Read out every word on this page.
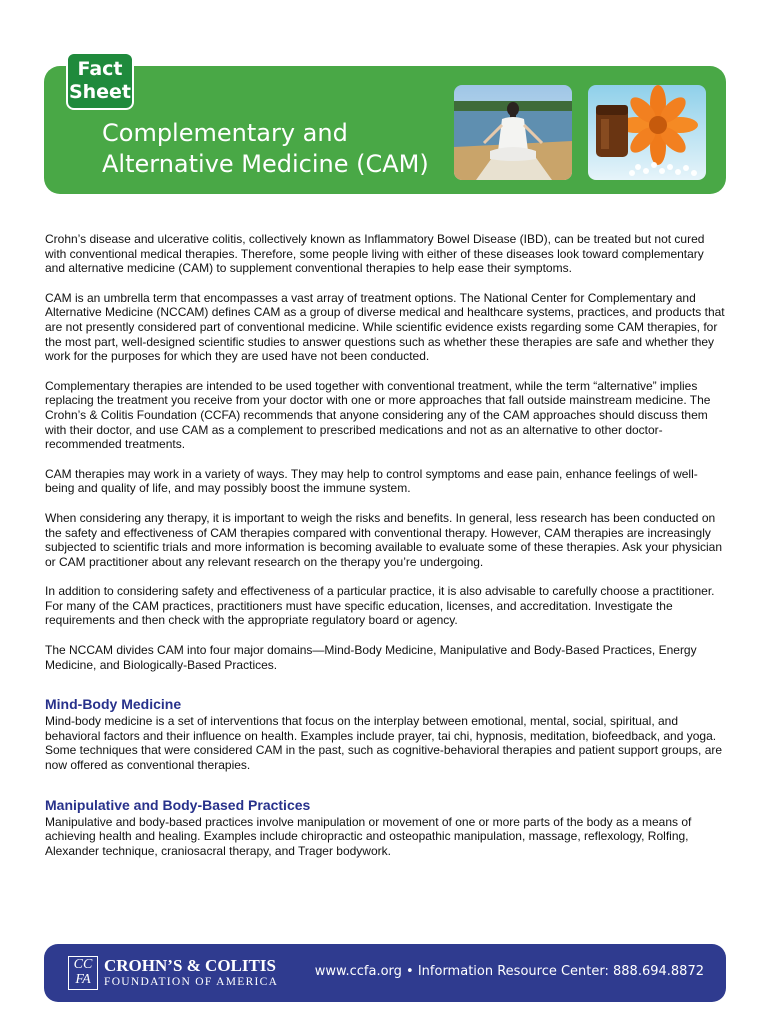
Fact
Sheet
Complementary and
Alternative Medicine (CAM)

Crohn’s disease and ulcerative colitis, collectively known as Inflammatory Bowel Disease (IBD), can be treated but not cured with conventional medical therapies. Therefore, some people living with either of these diseases look toward complementary and alternative medicine (CAM) to supplement conventional therapies to help ease their symptoms.

CAM is an umbrella term that encompasses a vast array of treatment options. The National Center for Complementary and Alternative Medicine (NCCAM) defines CAM as a group of diverse medical and healthcare systems, practices, and products that are not presently considered part of conventional medicine. While scientific evidence exists regarding some CAM therapies, for the most part, well-designed scientific studies to answer questions such as whether these therapies are safe and whether they work for the purposes for which they are used have not been conducted.

Complementary therapies are intended to be used together with conventional treatment, while the term “alternative” implies replacing the treatment you receive from your doctor with one or more approaches that fall outside mainstream medicine. The Crohn’s & Colitis Foundation (CCFA) recommends that anyone considering any of the CAM approaches should discuss them with their doctor, and use CAM as a complement to prescribed medications and not as an alternative to other doctor-recommended treatments.

CAM therapies may work in a variety of ways. They may help to control symptoms and ease pain, enhance feelings of well-being and quality of life, and may possibly boost the immune system.

When considering any therapy, it is important to weigh the risks and benefits. In general, less research has been conducted on the safety and effectiveness of CAM therapies compared with conventional therapy. However, CAM therapies are increasingly subjected to scientific trials and more information is becoming available to evaluate some of these therapies. Ask your physician or CAM practitioner about any relevant research on the therapy you’re undergoing.

In addition to considering safety and effectiveness of a particular practice, it is also advisable to carefully choose a practitioner. For many of the CAM practices, practitioners must have specific education, licenses, and accreditation. Investigate the requirements and then check with the appropriate regulatory board or agency.

The NCCAM divides CAM into four major domains—Mind-Body Medicine, Manipulative and Body-Based Practices, Energy Medicine, and Biologically-Based Practices.

Mind-Body Medicine

Mind-body medicine is a set of interventions that focus on the interplay between emotional, mental, social, spiritual, and behavioral factors and their influence on health. Examples include prayer, tai chi, hypnosis, meditation, biofeedback, and yoga. Some techniques that were considered CAM in the past, such as cognitive-behavioral therapies and patient support groups, are now offered as conventional therapies.

Manipulative and Body-Based Practices

Manipulative and body-based practices involve manipulation or movement of one or more parts of the body as a means of achieving health and healing. Examples include chiropractic and osteopathic manipulation, massage, reflexology, Rolfing, Alexander technique, craniosacral therapy, and Trager bodywork.

CC
FA
CROHN’S & COLITIS
FOUNDATION OF AMERICA
www.ccfa.org • Information Resource Center: 888.694.8872
